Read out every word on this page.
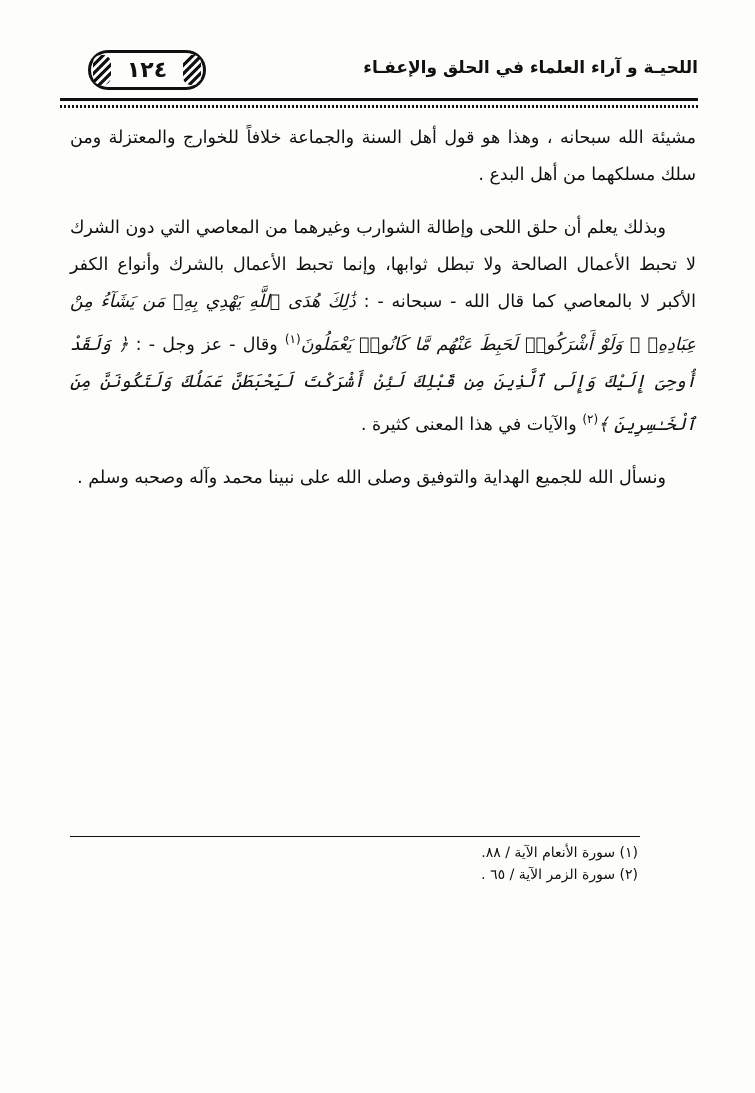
١٢٤	اللحيـة و آراء العلماء في الحلق والإعفـاء

مشيئة الله سبحانه ، وهذا هو قول أهل السنة والجماعة خلافاً للخوارج والمعتزلة ومن سلك مسلكهما من أهل البدع .

وبذلك يعلم أن حلق اللحى وإطالة الشوارب وغيرهما من المعاصي التي دون الشرك لا تحبط الأعمال الصالحة ولا تبطل ثوابها، وإنما تحبط الأعمال بالشرك وأنواع الكفر الأكبر لا بالمعاصي كما قال الله - سبحانه - : ذَٰلِكَ هُدَى ٱللَّهِ يَهْدِي بِهِۦ مَن يَشَآءُ مِنْ عِبَادِهِۦ ۚ وَلَوْ أَشْرَكُوا۟ لَحَبِطَ عَنْهُم مَّا كَانُوا۟ يَعْمَلُونَ$^{(١)}$ وقال - عز وجل - : ﴿ وَلَقَدْ أُوحِىَ إِلَيْكَ وَإِلَى ٱلَّذِينَ مِن قَبْلِكَ لَئِنْ أَشْرَكْتَ لَيَحْبَطَنَّ عَمَلُكَ وَلَتَكُونَنَّ مِنَ ٱلْخَـٰسِرِينَ ﴾$^{(٢)}$ والآيات في هذا المعنى كثيرة .

ونسأل الله للجميع الهداية والتوفيق وصلى الله على نبينا محمد وآله وصحبه وسلم .

(١) سورة الأنعام الآية / ٨٨.
(٢) سورة الزمر الآية / ٦٥ .
